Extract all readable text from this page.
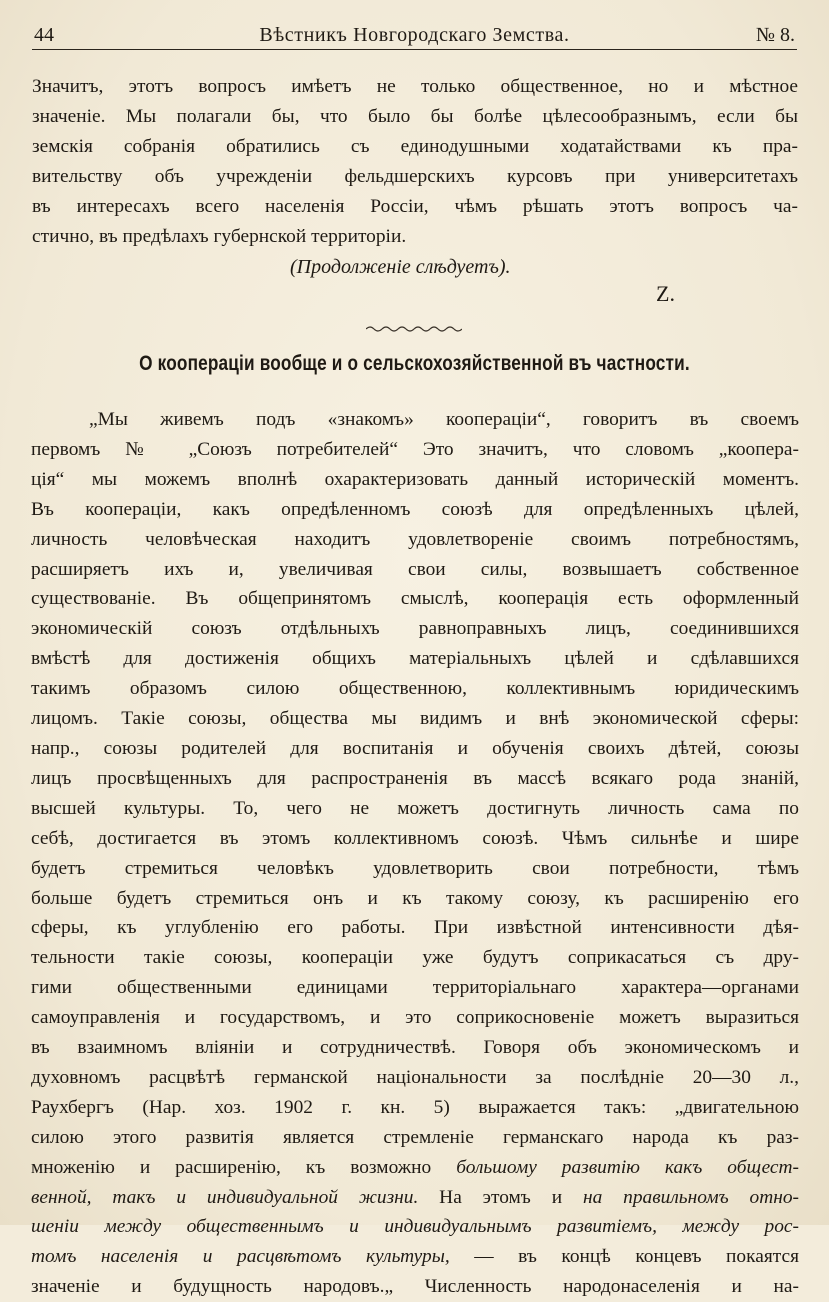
44	Вѣстникъ Новгородскаго Земства.	№ 8.

Значитъ, этотъ вопросъ имѣетъ не только общественное, но и мѣстное
значеніе. Мы полагали бы, что было бы болѣе цѣлесообразнымъ, если бы
земскія собранія обратились съ единодушными ходатайствами къ пра-
вительству объ учрежденіи фельдшерскихъ курсовъ при университетахъ
въ интересахъ всего населенія Россіи, чѣмъ рѣшать этотъ вопросъ ча-
стично, въ предѣлахъ губернской территоріи.

(Продолженіе слѣдуетъ).
Z.
О коопераціи вообще и о сельскохозяйственной въ частности.

„Мы живемъ подъ «знакомъ» коопераціи“, говоритъ въ своемъ
первомъ № „Союзъ потребителей“ Это значитъ, что словомъ „коопера-
ція“ мы можемъ вполнѣ охарактеризовать данный историческій моментъ.
Въ коопераціи, какъ опредѣленномъ союзѣ для опредѣленныхъ цѣлей,
личность человѣческая находитъ удовлетвореніе своимъ потребностямъ,
расширяетъ ихъ и, увеличивая свои силы, возвышаетъ собственное
существованіе. Въ общепринятомъ смыслѣ, кооперація есть оформленный
экономическій союзъ отдѣльныхъ равноправныхъ лицъ, соединившихся
вмѣстѣ для достиженія общихъ матеріальныхъ цѣлей и сдѣлавшихся
такимъ образомъ силою общественною, коллективнымъ юридическимъ
лицомъ. Такіе союзы, общества мы видимъ и внѣ экономической сферы:
напр., союзы родителей для воспитанія и обученія своихъ дѣтей, союзы
лицъ просвѣщенныхъ для распространенія въ массѣ всякаго рода знаній,
высшей культуры. То, чего не можетъ достигнуть личность сама по
себѣ, достигается въ этомъ коллективномъ союзѣ. Чѣмъ сильнѣе и шире
будетъ стремиться человѣкъ удовлетворить свои потребности, тѣмъ
больше будетъ стремиться онъ и къ такому союзу, къ расширенію его
сферы, къ углубленію его работы. При извѣстной интенсивности дѣя-
тельности такіе союзы, коопераціи уже будутъ соприкасаться съ дру-
гими общественными единицами территоріальнаго характера—органами
самоуправленія и государствомъ, и это соприкосновеніе можетъ выразиться
въ взаимномъ вліяніи и сотрудничествѣ. Говоря объ экономическомъ и
духовномъ расцвѣтѣ германской національности за послѣдніе 20—30 л.,
Раухбергъ (Нар. хоз. 1902 г. кн. 5) выражается такъ: „двигательною
силою этого развитія является стремленіе германскаго народа къ раз-
множенію и расширенію, къ возможно большому развитію какъ общест-
венной, такъ и индивидуальной жизни. На этомъ и на правильномъ отно-
шеніи между общественнымъ и индивидуальнымъ развитіемъ, между рос-
томъ населенія и расцвѣтомъ культуры, — въ концѣ концевъ покаятся
значеніе и будущность народовъ.„ Численность народонаселенія и на-
